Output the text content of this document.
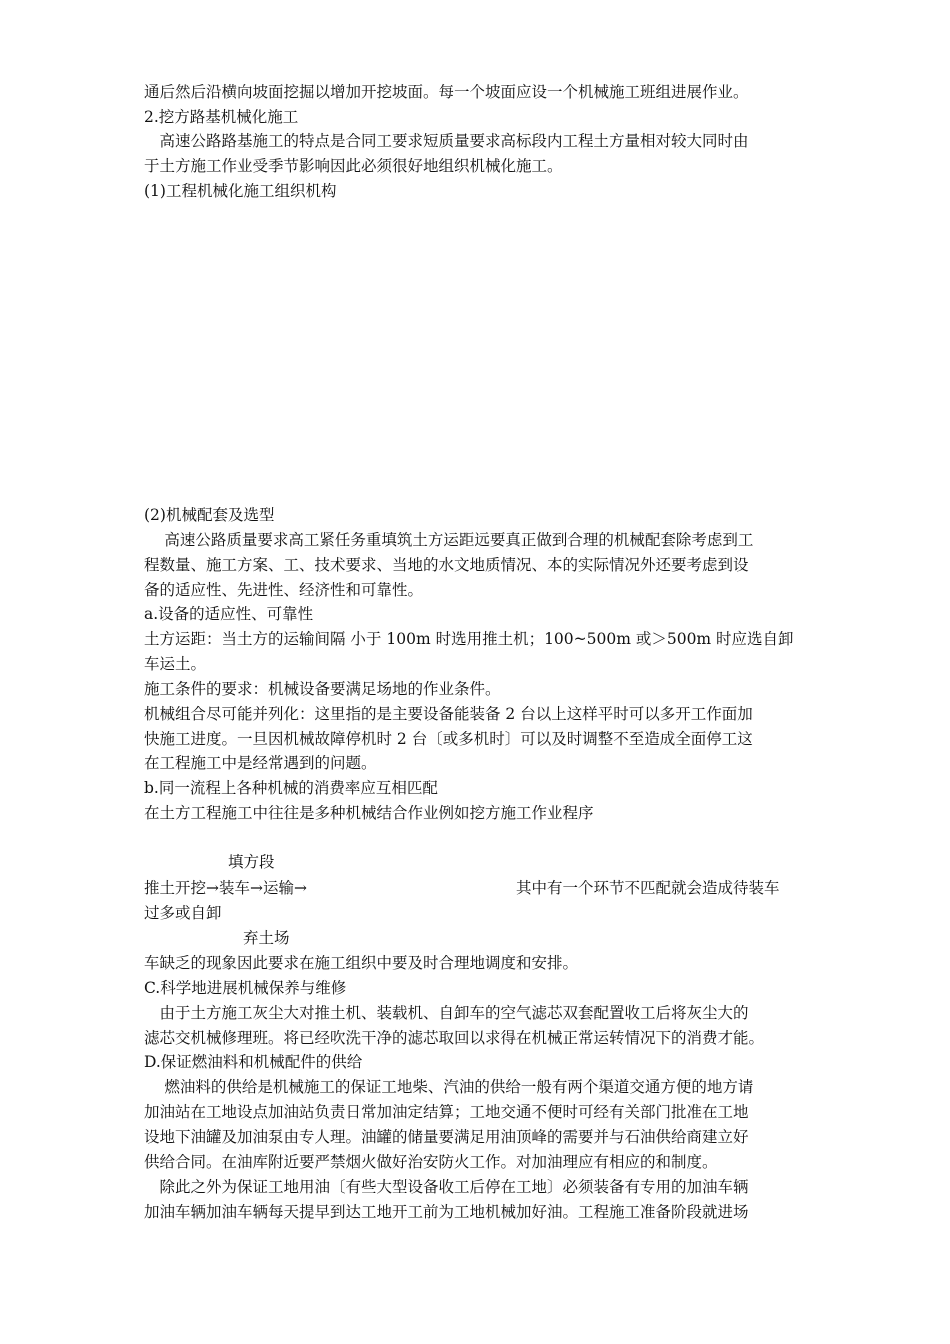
通后然后沿横向坡面挖掘以增加开挖坡面。每一个坡面应设一个机械施工班组进展作业。
2.挖方路基机械化施工
　高速公路路基施工的特点是合同工要求短质量要求高标段内工程土方量相对较大同时由
于土方施工作业受季节影响因此必须很好地组织机械化施工。
(1)工程机械化施工组织机构
(2)机械配套及选型
　 高速公路质量要求高工紧任务重填筑土方运距远要真正做到合理的机械配套除考虑到工
程数量、施工方案、工、技术要求、当地的水文地质情况、本的实际情况外还要考虑到设
备的适应性、先进性、经济性和可靠性。
a.设备的适应性、可靠性
土方运距：当土方的运输间隔 小于 100m 时选用推土机；100~500m 或＞500m 时应选自卸
车运土。
施工条件的要求：机械设备要满足场地的作业条件。
机械组合尽可能并列化：这里指的是主要设备能装备 2 台以上这样平时可以多开工作面加
快施工进度。一旦因机械故障停机时 2 台〔或多机时〕可以及时调整不至造成全面停工这
在工程施工中是经常遇到的问题。
b.同一流程上各种机械的消费率应互相匹配
在土方工程施工中往往是多种机械结合作业例如挖方施工作业程序
填方段
推土开挖→装车→运输→	其中有一个环节不匹配就会造成待装车
过多或自卸
弃土场
车缺乏的现象因此要求在施工组织中要及时合理地调度和安排。
C.科学地进展机械保养与维修
　由于土方施工灰尘大对推土机、装载机、自卸车的空气滤芯双套配置收工后将灰尘大的
滤芯交机械修理班。将已经吹洗干净的滤芯取回以求得在机械正常运转情况下的消费才能。
D.保证燃油料和机械配件的供给
　 燃油料的供给是机械施工的保证工地柴、汽油的供给一般有两个渠道交通方便的地方请
加油站在工地设点加油站负责日常加油定结算；工地交通不便时可经有关部门批准在工地
设地下油罐及加油泵由专人理。油罐的储量要满足用油顶峰的需要并与石油供给商建立好
供给合同。在油库附近要严禁烟火做好治安防火工作。对加油理应有相应的和制度。
　除此之外为保证工地用油〔有些大型设备收工后停在工地〕必须装备有专用的加油车辆
加油车辆加油车辆每天提早到达工地开工前为工地机械加好油。工程施工准备阶段就进场
